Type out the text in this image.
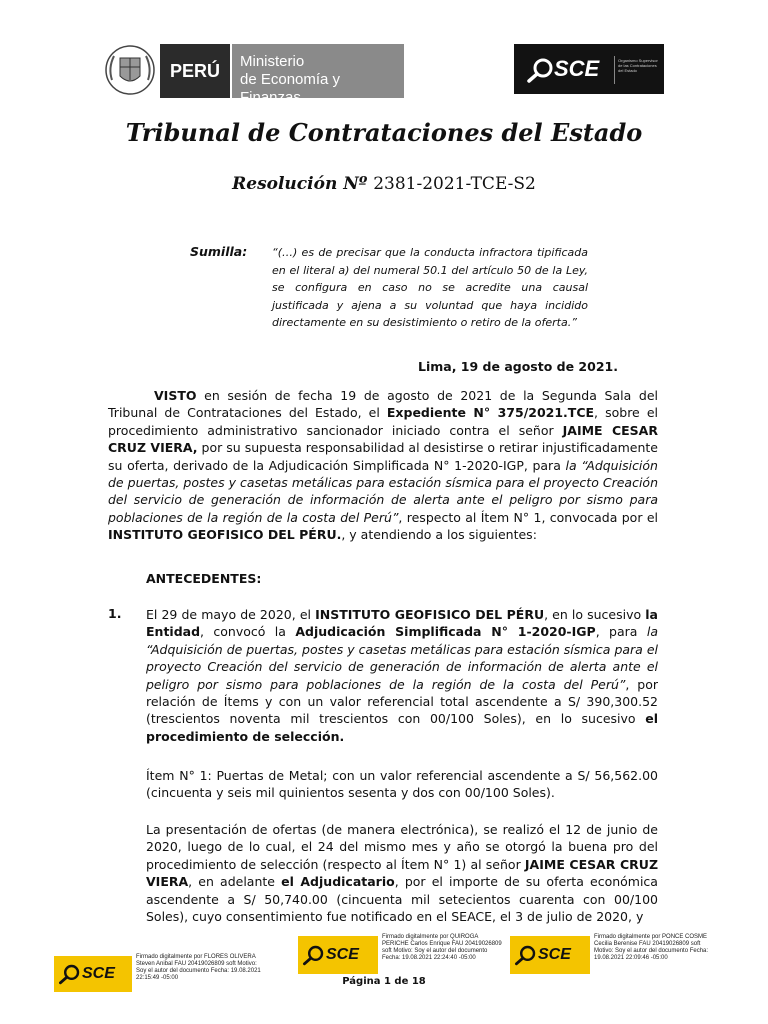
PERÚ	Ministerio
de Economía y Finanzas
SCE	Organismo Supervisor de las Contrataciones del Estado
Tribunal de Contrataciones del Estado
Resolución Nº 2381-2021-TCE-S2
Sumilla: “(…) es de precisar que la conducta infractora tipificada en el literal a) del numeral 50.1 del artículo 50 de la Ley, se configura en caso no se acredite una causal justificada y ajena a su voluntad que haya incidido directamente en su desistimiento o retiro de la oferta.”
Lima, 19 de agosto de 2021.
VISTO en sesión de fecha 19 de agosto de 2021 de la Segunda Sala del Tribunal de Contrataciones del Estado, el Expediente N° 375/2021.TCE, sobre el procedimiento administrativo sancionador iniciado contra el señor JAIME CESAR CRUZ VIERA, por su supuesta responsabilidad al desistirse o retirar injustificadamente su oferta, derivado de la Adjudicación Simplificada N° 1-2020-IGP, para la “Adquisición de puertas, postes y casetas metálicas para estación sísmica para el proyecto Creación del servicio de generación de información de alerta ante el peligro por sismo para poblaciones de la región de la costa del Perú”, respecto al Ítem N° 1, convocada por el INSTITUTO GEOFISICO DEL PÉRU., y atendiendo a los siguientes:
ANTECEDENTES:
1. El 29 de mayo de 2020, el INSTITUTO GEOFISICO DEL PÉRU, en lo sucesivo la Entidad, convocó la Adjudicación Simplificada N° 1-2020-IGP, para la “Adquisición de puertas, postes y casetas metálicas para estación sísmica para el proyecto Creación del servicio de generación de información de alerta ante el peligro por sismo para poblaciones de la región de la costa del Perú”, por relación de Ítems y con un valor referencial total ascendente a S/ 390,300.52 (trescientos noventa mil trescientos con 00/100 Soles), en lo sucesivo el procedimiento de selección.
Ítem N° 1: Puertas de Metal; con un valor referencial ascendente a S/ 56,562.00 (cincuenta y seis mil quinientos sesenta y dos con 00/100 Soles).
La presentación de ofertas (de manera electrónica), se realizó el 12 de junio de 2020, luego de lo cual, el 24 del mismo mes y año se otorgó la buena pro del procedimiento de selección (respecto al Ítem N° 1) al señor JAIME CESAR CRUZ VIERA, en adelante el Adjudicatario, por el importe de su oferta económica ascendente a S/ 50,740.00 (cincuenta mil setecientos cuarenta con 00/100 Soles), cuyo consentimiento fue notificado en el SEACE, el 3 de julio de 2020, y
SCE
Firmado digitalmente por FLORES OLIVERA Steven Anibal FAU 20419026809 soft Motivo: Soy el autor del documento Fecha: 19.08.2021 22:15:49 -05:00
SCE
Firmado digitalmente por QUIROGA PERICHE Carlos Enrique FAU 20419026809 soft Motivo: Soy el autor del documento Fecha: 19.08.2021 22:24:40 -05:00	SCE
Firmado digitalmente por PONCE COSME Cecilia Berenise FAU 20419026809 soft Motivo: Soy el autor del documento Fecha: 19.08.2021 22:09:46 -05:00
Página 1 de 18
